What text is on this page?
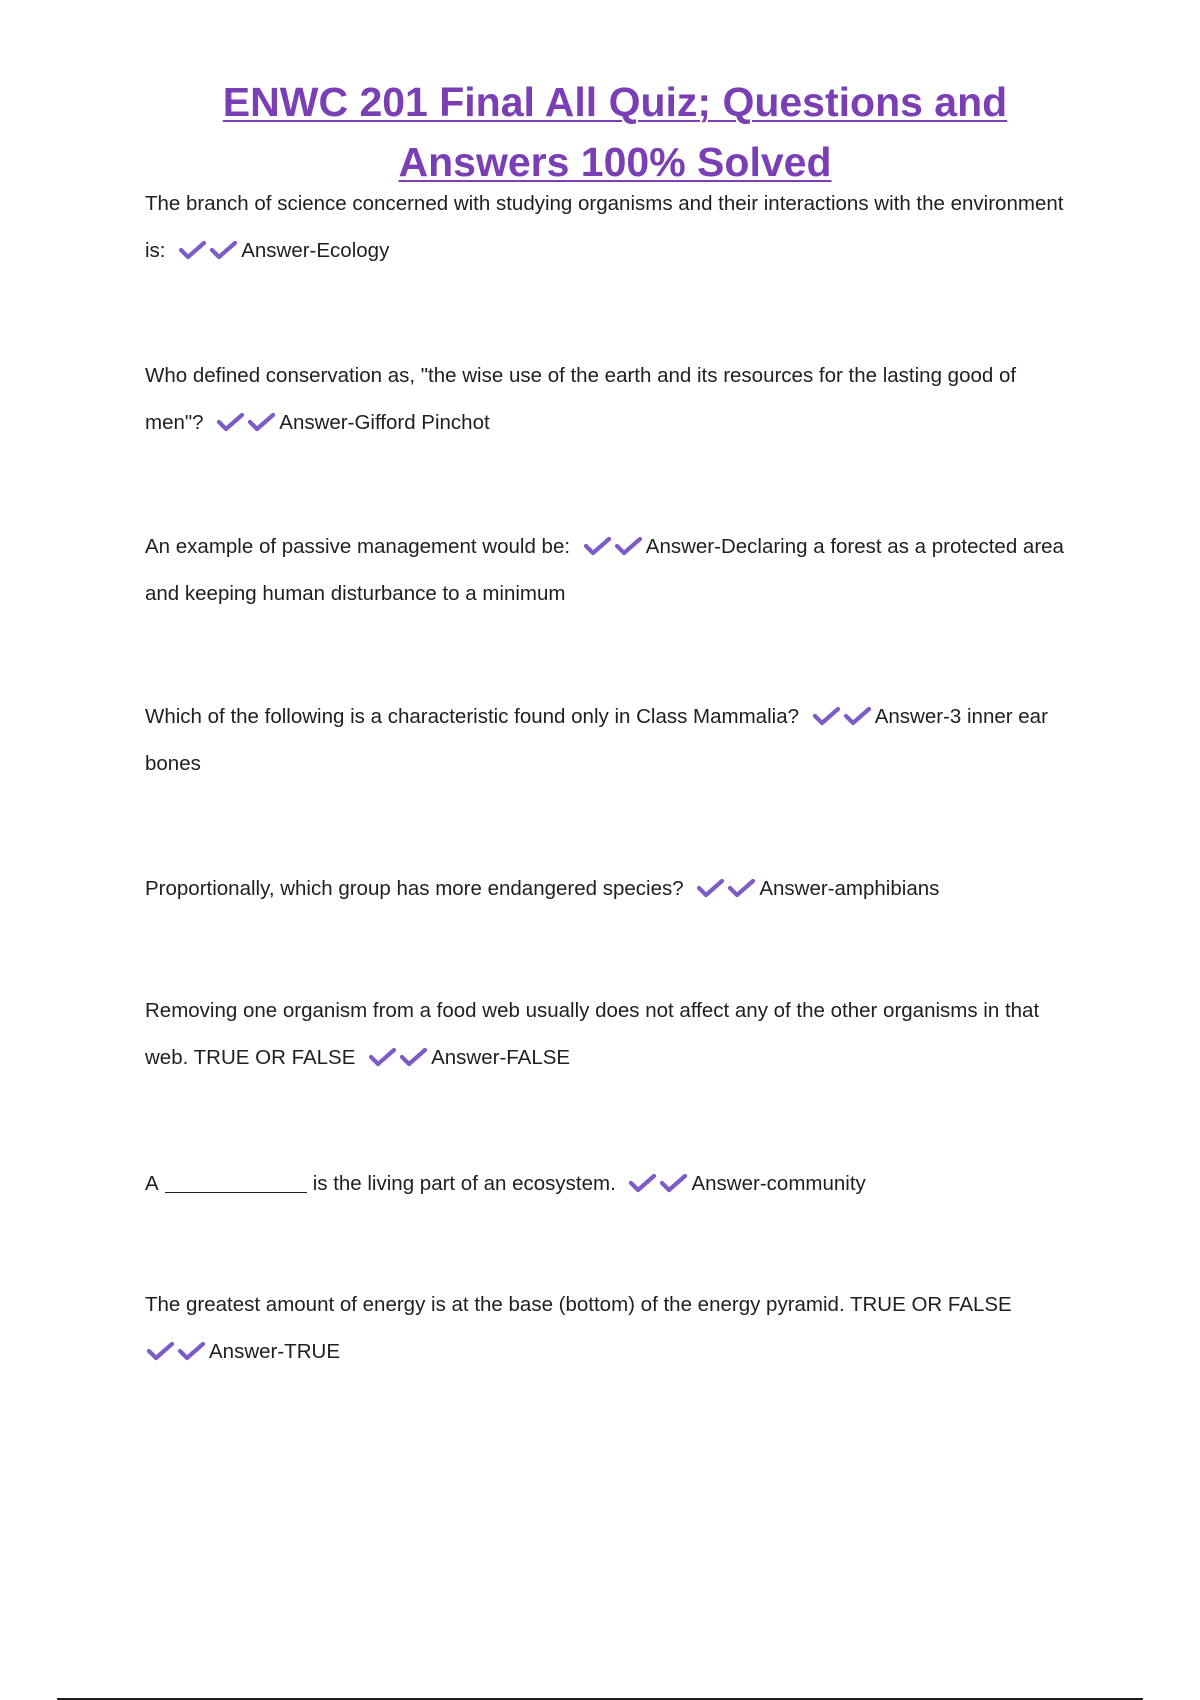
ENWC 201 Final All Quiz; Questions and Answers 100% Solved

The branch of science concerned with studying organisms and their interactions with the environment is:	Answer-Ecology

Who defined conservation as, "the wise use of the earth and its resources for the lasting good of men"?	Answer-Gifford Pinchot

An example of passive management would be:	Answer-Declaring a forest as a protected area and keeping human disturbance to a minimum

Which of the following is a characteristic found only in Class Mammalia?	Answer-3 inner ear bones

Proportionally, which group has more endangered species?	Answer-amphibians

Removing one organism from a food web usually does not affect any of the other organisms in that web. TRUE OR FALSE	Answer-FALSE

A	is the living part of an ecosystem.	Answer-community

The greatest amount of energy is at the base (bottom) of the energy pyramid. TRUE OR FALSE
Answer-TRUE
